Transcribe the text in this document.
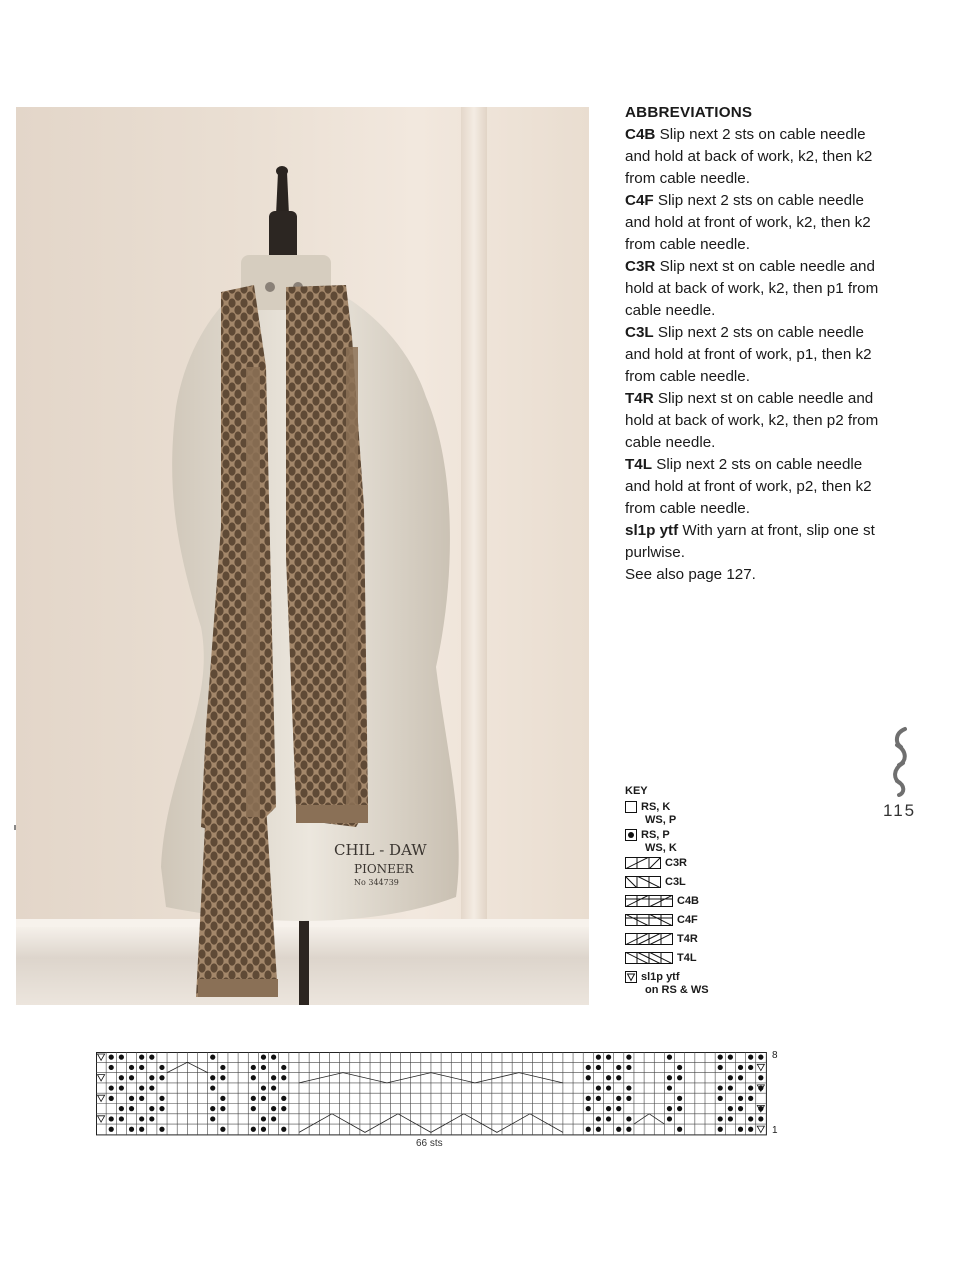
CHIL - DAW
PIONEER
No 344739
ABBREVIATIONS

C4B Slip next 2 sts on cable needle and hold at back of work, k2, then k2 from cable needle.

C4F Slip next 2 sts on cable needle and hold at front of work, k2, then k2 from cable needle.

C3R Slip next st on cable needle and hold at back of work, k2, then p1 from cable needle.

C3L Slip next 2 sts on cable needle and hold at front of work, p1, then k2 from cable needle.

T4R Slip next st on cable needle and hold at back of work, k2, then p2 from cable needle.

T4L Slip next 2 sts on cable needle and hold at front of work, p2, then k2 from cable needle.

sl1p ytf With yarn at front, slip one st purlwise.

See also page 127.

115
KEY
RS, K
WS, P
RS, P
WS, K
C3R
C3L
C4B
C4F
T4R
T4L
sl1p ytf
on RS & WS
8
1
66 sts
